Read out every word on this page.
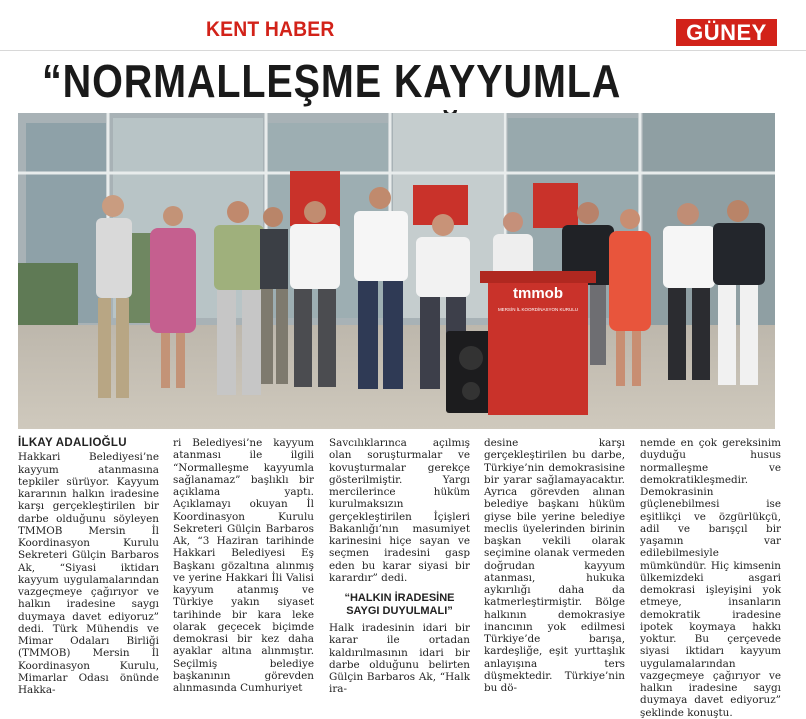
KENT HABER	GÜNEY
“NORMALLEŞME KAYYUMLA
tmmob
MERSİN İL KOORDİNASYON KURULU
İLKAY ADALIOĞLU

Hakkari Belediyesi’ne kayyum atanmasına tepkiler sürüyor. Kayyum kararının halkın iradesine karşı gerçekleştirilen bir darbe olduğunu söyleyen TMMOB Mersin İl Koordinasyon Kurulu Sekreteri Gülçin Barbaros Ak, “Siyasi iktidarı kayyum uygulamalarından vazgeçmeye çağırıyor ve halkın iradesine saygı duymaya davet ediyoruz” dedi. Türk Mühendis ve Mimar Odaları Birliği (TMMOB) Mersin İl Koordinasyon Kurulu, Mimarlar Odası önünde Hakka-

ri Belediyesi’ne kayyum atanması ile ilgili “Normalleşme kayyumla sağlanamaz” başlıklı bir açıklama yaptı. Açıklamayı okuyan İl Koordinasyon Kurulu Sekreteri Gülçin Barbaros Ak, “3 Haziran tarihinde Hakkari Belediyesi Eş Başkanı gözaltına alınmış ve yerine Hakkari İli Valisi kayyum atanmış ve Türkiye yakın siyaset tarihinde bir kara leke olarak geçecek biçimde demokrasi bir kez daha ayaklar altına alınmıştır. Seçilmiş belediye başkanının görevden alınmasında Cumhuriyet

Savcılıklarınca açılmış olan soruşturmalar ve kovuşturmalar gerekçe gösterilmiştir. Yargı mercilerince hüküm kurulmaksızın gerçekleştirilen İçişleri Bakanlığı’nın masumiyet karinesini hiçe sayan ve seçmen iradesini gasp eden bu karar siyasi bir karardır” dedi.

“HALKIN İRADESİNE SAYGI DUYULMALI”

Halk iradesinin idari bir karar ile ortadan kaldırılmasının idari bir darbe olduğunu belirten Gülçin Barbaros Ak, “Halk ira-

desine karşı gerçekleştirilen bu darbe, Türkiye’nin demokrasisine bir yarar sağlamayacaktır. Ayrıca görevden alınan belediye başkanı hüküm giyse bile yerine belediye meclis üyelerinden birinin başkan vekili olarak seçimine olanak vermeden doğrudan kayyum atanması, hukuka aykırılığı daha da katmerleştirmiştir. Bölge halkının demokrasiye inancının yok edilmesi Türkiye’de barışa, kardeşliğe, eşit yurttaşlık anlayışına ters düşmektedir. Türkiye’nin bu dö-

nemde en çok gereksinim duyduğu husus normalleşme ve demokratikleşmedir. Demokrasinin güçlenebilmesi ise eşitlikçi ve özgürlükçü, adil ve barışçıl bir yaşamın var edilebilmesiyle mümkündür. Hiç kimsenin ülkemizdeki asgari demokrasi işleyişini yok etmeye, insanların demokratik iradesine ipotek koymaya hakkı yoktur. Bu çerçevede siyasi iktidarı kayyum uygulamalarından vazgeçmeye çağırıyor ve halkın iradesine saygı duymaya davet ediyoruz” şeklinde konuştu.
